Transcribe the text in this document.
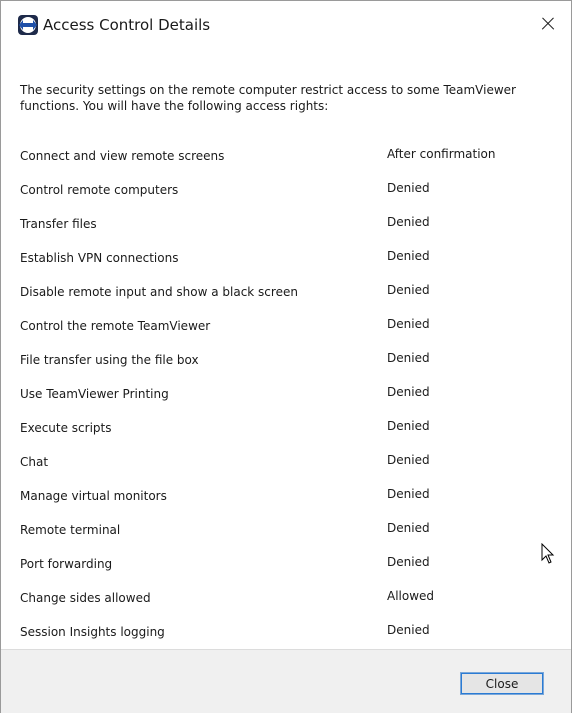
Access Control Details
The security settings on the remote computer restrict access to some TeamViewer functions. You will have the following access rights:
Connect and view remote screens	After confirmation
Control remote computers	Denied
Transfer files	Denied
Establish VPN connections	Denied
Disable remote input and show a black screen	Denied
Control the remote TeamViewer	Denied
File transfer using the file box	Denied
Use TeamViewer Printing	Denied
Execute scripts	Denied
Chat	Denied
Manage virtual monitors	Denied
Remote terminal	Denied
Port forwarding	Denied
Change sides allowed	Allowed
Session Insights logging	Denied
Close
